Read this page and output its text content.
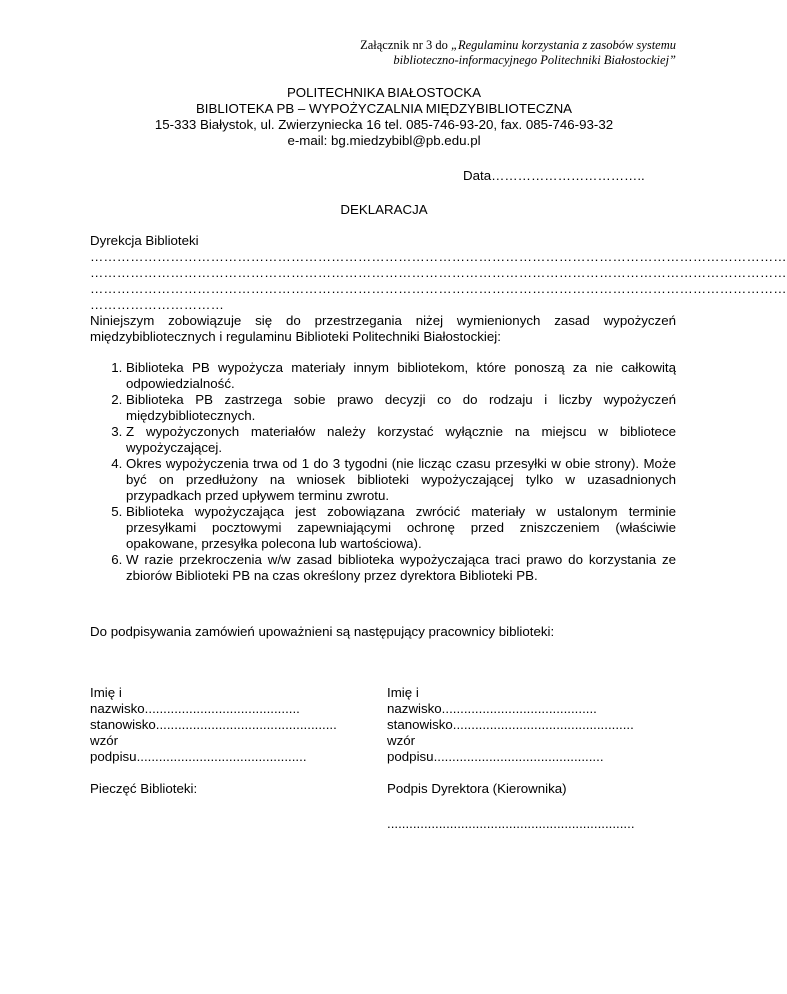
Załącznik nr 3 do „Regulaminu korzystania z zasobów systemu
biblioteczno-informacyjnego Politechniki Białostockiej”
POLITECHNIKA BIAŁOSTOCKA
BIBLIOTEKA PB – WYPOŻYCZALNIA MIĘDZYBIBLIOTECZNA
15-333 Białystok, ul. Zwierzyniecka 16 tel. 085-746-93-20, fax. 085-746-93-32
e-mail: bg.miedzybibl@pb.edu.pl
Data……………………………..
DEKLARACJA
Dyrekcja Biblioteki
…………………………………………………………………………………………………………………………………………
…………………………………………………………………………………………………………………………………………
…………………………………………………………………………………………………………………………………………
…………………………
Niniejszym zobowiązuje się do przestrzegania niżej wymienionych zasad wypożyczeń międzybibliotecznych i regulaminu Biblioteki Politechniki Białostockiej:
1. Biblioteka PB wypożycza materiały innym bibliotekom, które ponoszą za nie całkowitą odpowiedzialność.
2. Biblioteka PB zastrzega sobie prawo decyzji co do rodzaju i liczby wypożyczeń międzybibliotecznych.
3. Z wypożyczonych materiałów należy korzystać wyłącznie na miejscu w bibliotece wypożyczającej.
4. Okres wypożyczenia trwa od 1 do 3 tygodni (nie licząc czasu przesyłki w obie strony). Może być on przedłużony na wniosek biblioteki wypożyczającej tylko w uzasadnionych przypadkach przed upływem terminu zwrotu.
5. Biblioteka wypożyczająca jest zobowiązana zwrócić materiały w ustalonym terminie przesyłkami pocztowymi zapewniającymi ochronę przed zniszczeniem (właściwie opakowane, przesyłka polecona lub wartościowa).
6. W razie przekroczenia w/w zasad biblioteka wypożyczająca traci prawo do korzystania ze zbiorów Biblioteki PB na czas określony przez dyrektora Biblioteki PB.
Do podpisywania zamówień upoważnieni są następujący pracownicy biblioteki:
Imię i nazwisko..........................................
stanowisko.................................................
wzór podpisu..............................................
Imię i nazwisko..........................................
stanowisko.................................................
wzór podpisu..............................................
Pieczęć Biblioteki:	Podpis Dyrektora (Kierownika)
...................................................................
